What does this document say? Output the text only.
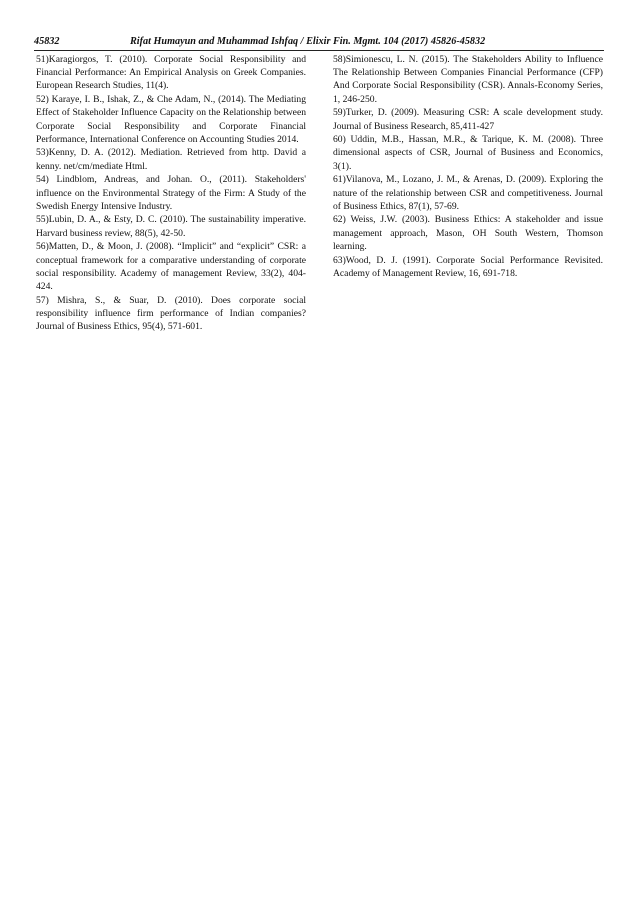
45832	Rifat Humayun and Muhammad Ishfaq / Elixir Fin. Mgmt. 104 (2017) 45826-45832

51)Karagiorgos, T. (2010). Corporate Social Responsibility and Financial Performance: An Empirical Analysis on Greek Companies. European Research Studies, 11(4).

52) Karaye, I. B., Ishak, Z., & Che Adam, N., (2014). The Mediating Effect of Stakeholder Influence Capacity on the Relationship between Corporate Social Responsibility and Corporate Financial Performance, International Conference on Accounting Studies 2014.

53)Kenny, D. A. (2012). Mediation. Retrieved from http. David a kenny. net/cm/mediate Html.

54) Lindblom, Andreas, and Johan. O., (2011). Stakeholders' influence on the Environmental Strategy of the Firm: A Study of the Swedish Energy Intensive Industry.

55)Lubin, D. A., & Esty, D. C. (2010). The sustainability imperative. Harvard business review, 88(5), 42-50.

56)Matten, D., & Moon, J. (2008). “Implicit” and “explicit” CSR: a conceptual framework for a comparative understanding of corporate social responsibility. Academy of management Review, 33(2), 404-424.

57) Mishra, S., & Suar, D. (2010). Does corporate social responsibility influence firm performance of Indian companies? Journal of Business Ethics, 95(4), 571-601.

58)Simionescu, L. N. (2015). The Stakeholders Ability to Influence The Relationship Between Companies Financial Performance (CFP) And Corporate Social Responsibility (CSR). Annals-Economy Series, 1, 246-250.

59)Turker, D. (2009). Measuring CSR: A scale development study. Journal of Business Research, 85,411-427

60) Uddin, M.B., Hassan, M.R., & Tarique, K. M. (2008). Three dimensional aspects of CSR, Journal of Business and Economics, 3(1).

61)Vilanova, M., Lozano, J. M., & Arenas, D. (2009). Exploring the nature of the relationship between CSR and competitiveness. Journal of Business Ethics, 87(1), 57-69.

62) Weiss, J.W. (2003). Business Ethics: A stakeholder and issue management approach, Mason, OH South Western, Thomson learning.

63)Wood, D. J. (1991). Corporate Social Performance Revisited. Academy of Management Review, 16, 691-718.
